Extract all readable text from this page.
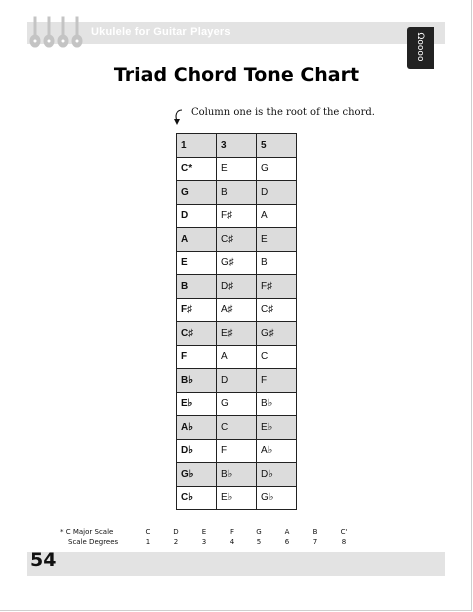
Ukulele for Guitar Players
Ωoooo
Triad Chord Tone Chart
Column one is the root of the chord.
1	3	5
C*	E	G
G	B	D
D	F♯	A
A	C♯	E
E	G♯	B
B	D♯	F♯
F♯	A♯	C♯
C♯	E♯	G♯
F	A	C
B♭	D	F
E♭	G	B♭
A♭	C	E♭
D♭	F	A♭
G♭	B♭	D♭
C♭	E♭	G♭
* C Major Scale	C	D	E	F	G	A	B	C'
Scale Degrees	1	2	3	4	5	6	7	8
54
